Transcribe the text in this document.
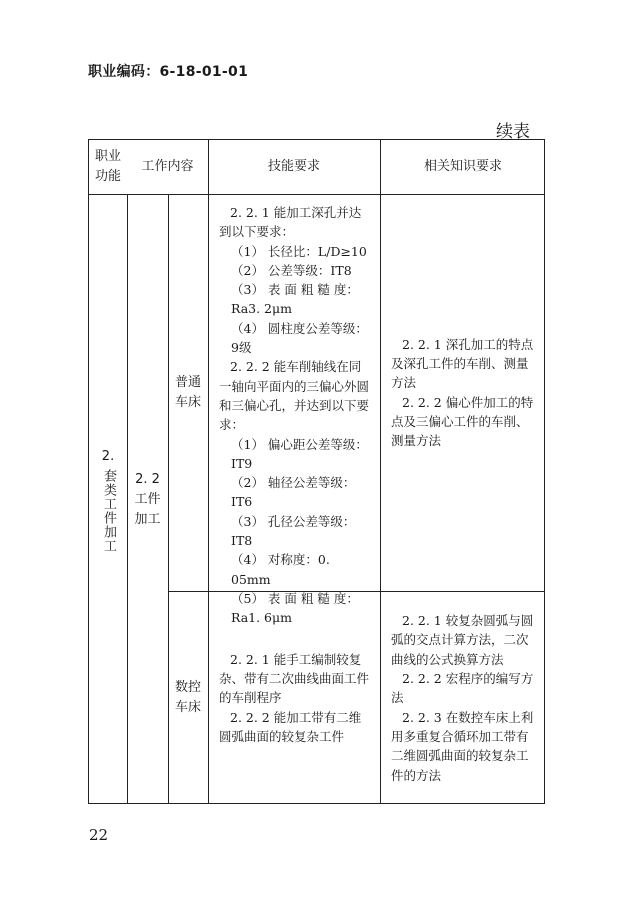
职业编码：6-18-01-01
续表
职业
功能
工作内容	技能要求	相关知识要求
2.
套类工件加工 2. 2
工件
加工
普通
车床
2. 2. 1 能加工深孔并达到以下要求：
（1） 长径比：L/D≥10
（2） 公差等级：IT8
（3） 表 面 粗 糙 度：Ra3. 2μm
（4） 圆柱度公差等级：9级
2. 2. 2 能车削轴线在同一轴向平面内的三偏心外圆和三偏心孔，并达到以下要求：
（1） 偏心距公差等级：IT9
（2） 轴径公差等级：IT6
（3） 孔径公差等级：IT8
（4） 对称度：0. 05mm
（5） 表 面 粗 糙 度：Ra1. 6μm
2. 2. 1 深孔加工的特点及深孔工件的车削、测量方法
2. 2. 2 偏心件加工的特点及三偏心工件的车削、测量方法
数控
车床
2. 2. 1 能手工编制较复杂、带有二次曲线曲面工件的车削程序
2. 2. 2 能加工带有二维圆弧曲面的较复杂工件
2. 2. 1 较复杂圆弧与圆弧的交点计算方法，二次曲线的公式换算方法
2. 2. 2 宏程序的编写方法
2. 2. 3 在数控车床上利用多重复合循环加工带有二维圆弧曲面的较复杂工件的方法
22
